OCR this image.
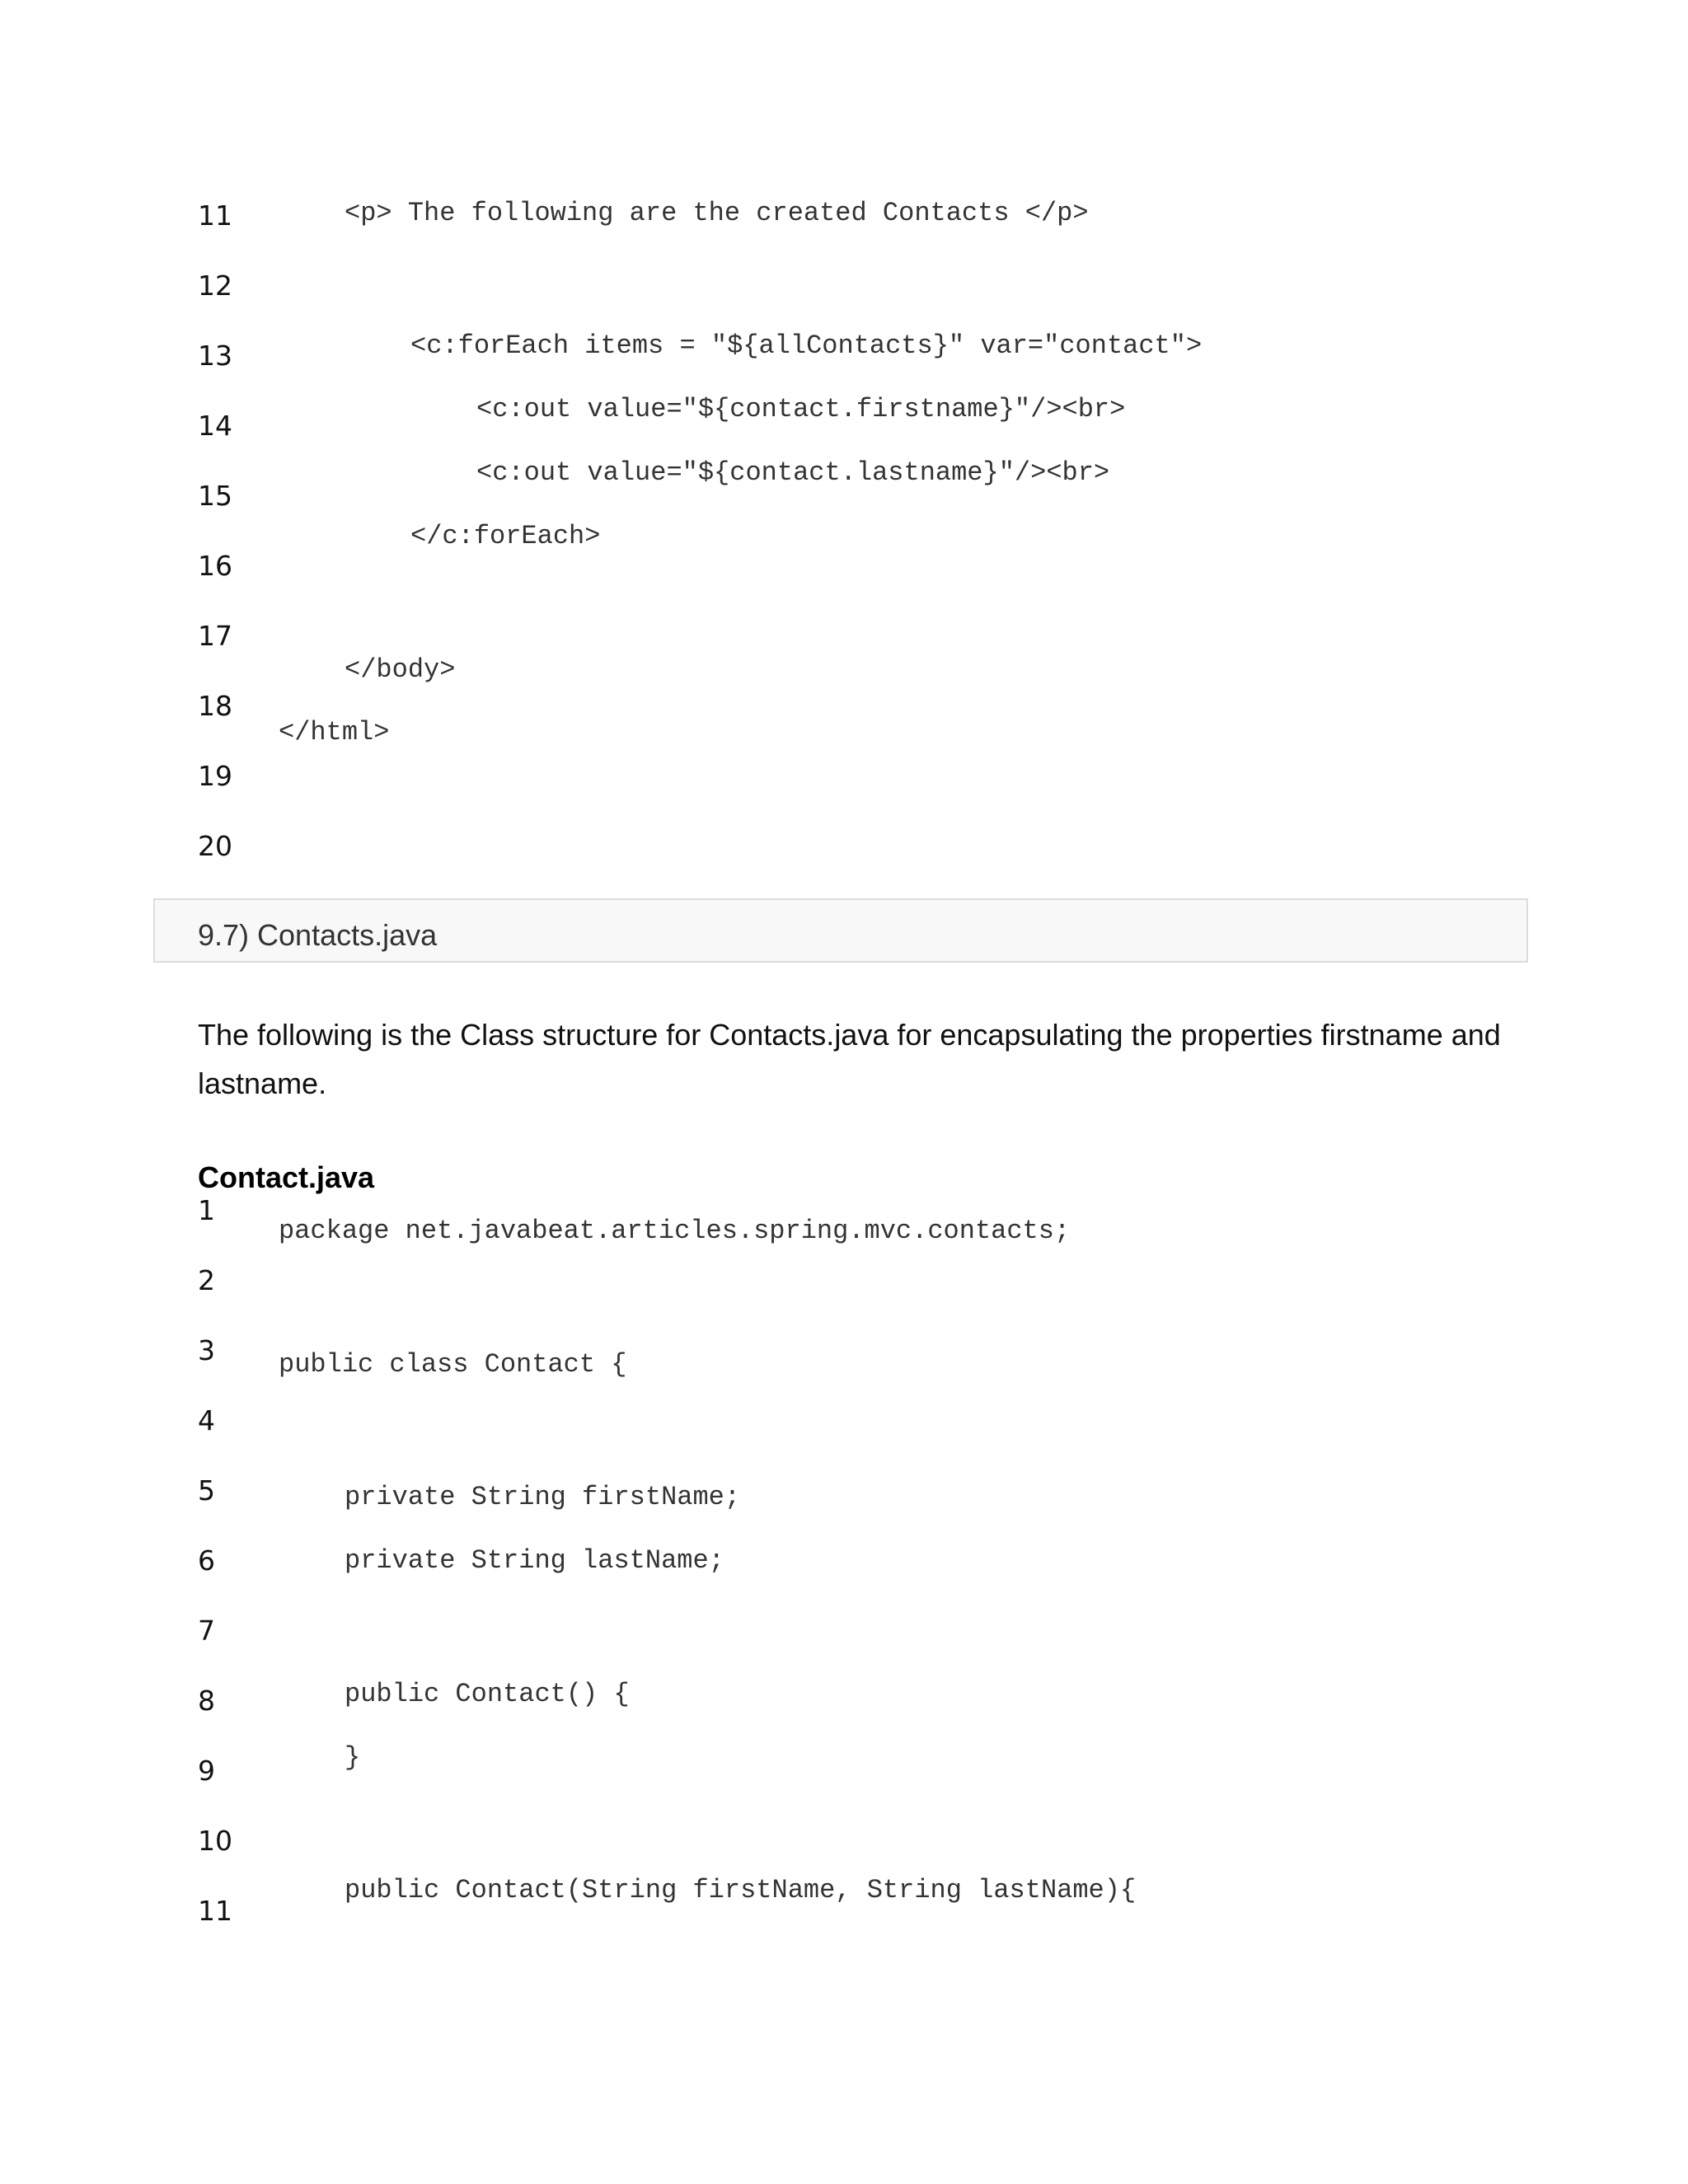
11
12
13
14
15
16
17
18
19
20
<p> The following are the created Contacts </p>
<c:forEach items = "${allContacts}" var="contact">
<c:out value="${contact.firstname}"/><br>
<c:out value="${contact.lastname}"/><br>
</c:forEach>
</body>
</html>
9.7) Contacts.java
The following is the Class structure for Contacts.java for encapsulating the properties firstname and lastname.
Contact.java
1
2
3
4
5
6
7
8
9
10
11
package net.javabeat.articles.spring.mvc.contacts;
public class Contact {
private String firstName;
private String lastName;
public Contact() {
}
public Contact(String firstName, String lastName){
